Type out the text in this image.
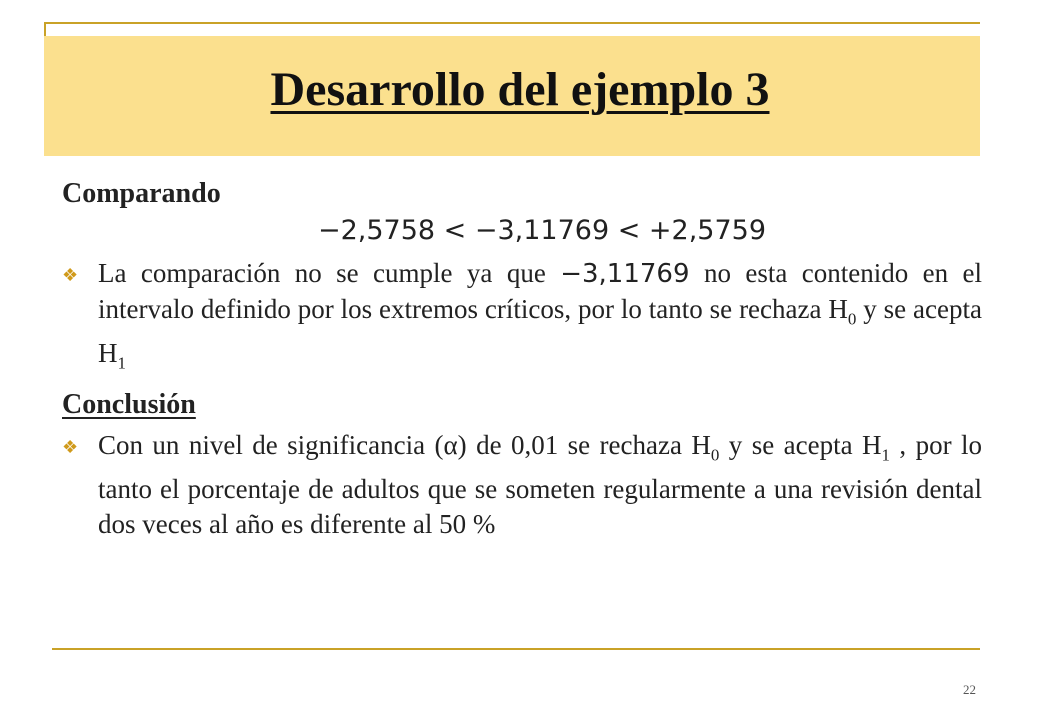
Desarrollo del ejemplo 3

Comparando

−2,5758 < −3,11769 < +2,5759
❖ La comparación no se cumple ya que −3,11769 no esta contenido en el intervalo definido por los extremos críticos, por lo tanto se rechaza $H_0$ y se acepta $H_1$

Conclusión

❖ Con un nivel de significancia (α) de 0,01 se rechaza $H_0$ y se acepta $H_1$ , por lo tanto el porcentaje de adultos que se someten regularmente a una revisión dental dos veces al año es diferente al 50 %
22
